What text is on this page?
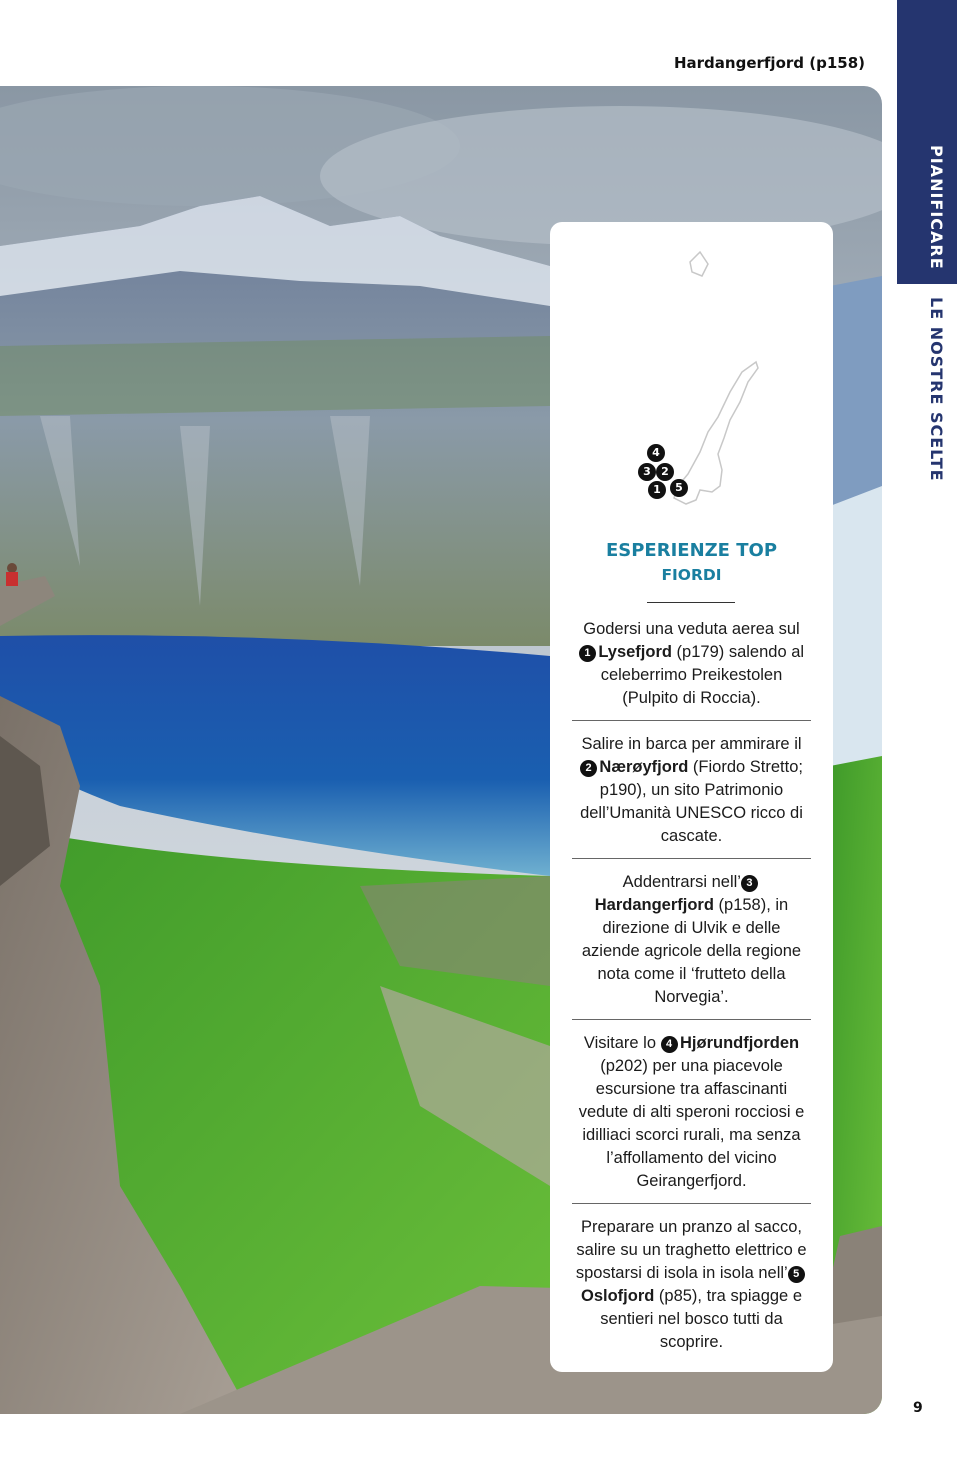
PIANIFICARE
LE NOSTRE SCELTE
Hardangerfjord (p158)
4
3 2
1	5
ESPERIENZE TOP
FIORDI
Godersi una veduta aerea sul 1  Lysefjord (p179) salendo al celeberrimo Preikestolen (Pulpito di Roccia).
Salire in barca per ammirare il 2  Nærøyfjord (Fiordo Stretto; p190), un sito Patrimonio dell’Umanità UNESCO ricco di cascate.
Addentrarsi nell’ 3 Hardangerfjord (p158), in direzione di Ulvik e delle aziende agricole della regione nota come il ‘frutteto della Norvegia’.
Visitare lo 4  Hjørundfjorden (p202) per una piacevole escursione tra affascinanti vedute di alti speroni rocciosi e idilliaci scorci rurali, ma senza l’affollamento del vicino Geirangerfjord.
Preparare un pranzo al sacco, salire su un traghetto elettrico e spostarsi di isola in isola nell’ 5 Oslofjord (p85), tra spiagge e sentieri nel bosco tutti da scoprire.
9
